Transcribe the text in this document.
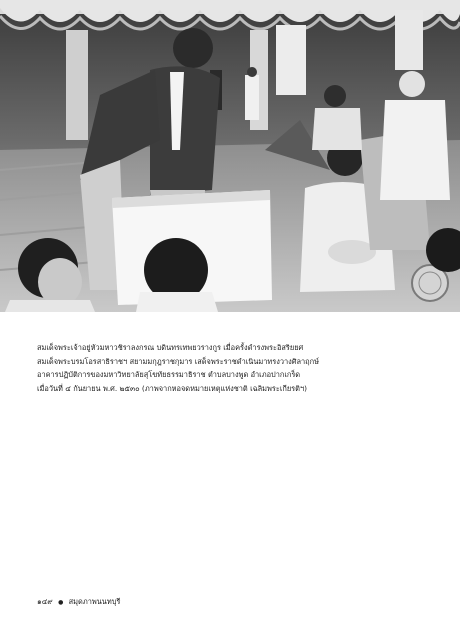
สมเด็จพระเจ้าอยู่หัวมหาวชิราลงกรณ บดินทรเทพยวรางกูร เมื่อครั้งดำรงพระอิสริยยศ
สมเด็จพระบรมโอรสาธิราชฯ สยามมกุฎราชกุมาร เสด็จพระราชดำเนินมาทรงวางศิลาฤกษ์
อาคารปฏิบัติการของมหาวิทยาลัยสุโขทัยธรรมาธิราช ตำบลบางพูด อำเภอปากเกร็ด
เมื่อวันที่ ๔ กันยายน พ.ศ. ๒๕๓๐ (ภาพจากหอจดหมายเหตุแห่งชาติ เฉลิมพระเกียรติฯ)
๑๔๙ ● สมุดภาพนนทบุรี
